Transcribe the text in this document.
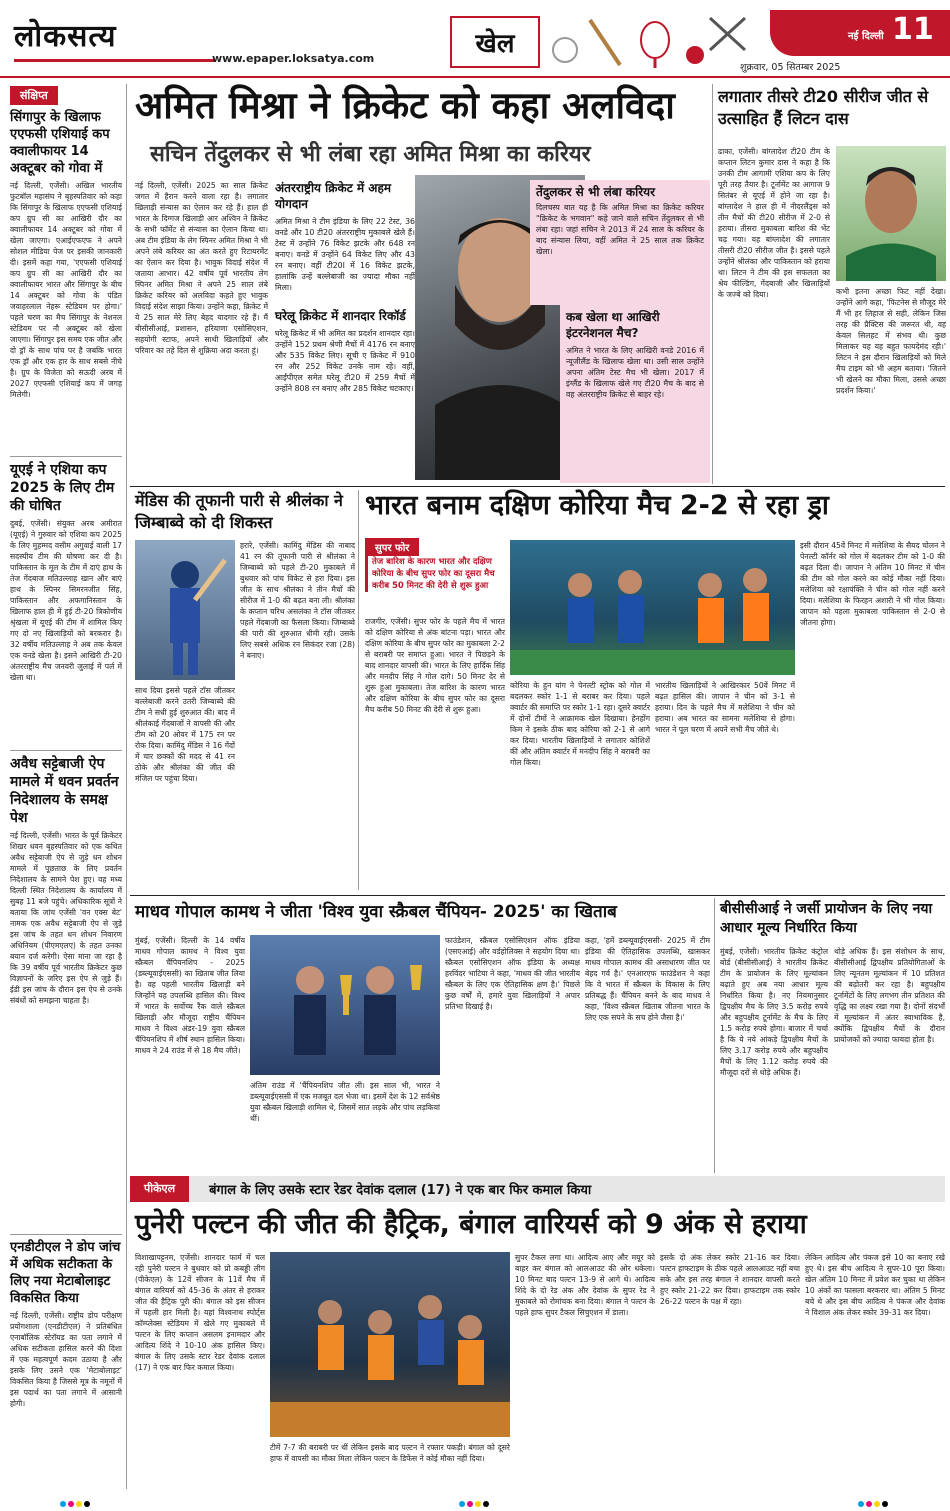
लोकसत्य
www.epaper.loksatya.com	खेल	नई दिल्ली 11
शुक्रवार, 05 सितम्बर 2025
संक्षिप्त
सिंगापुर के खिलाफ एएफसी एशियाई कप क्वालीफायर 14 अक्टूबर को गोवा में
नई दिल्ली, एजेंसी। अखिल भारतीय फुटबॉल महासंघ ने बृहस्पतिवार को कहा कि सिंगापुर के खिलाफ एएफसी एशियाई कप ग्रुप सी का आखिरी दौर का क्वालीफायर 14 अक्टूबर को गोवा में खेला जाएगा। एआईएफएफ ने अपने सोशल मीडिया पेज पर इसकी जानकारी दी। इसमें कहा गया, 'एएफसी एशियाई कप ग्रुप सी का आखिरी दौर का क्वालीफायर भारत और सिंगापुर के बीच 14 अक्टूबर को गोवा के पंडित जवाहरलाल नेहरू स्टेडियम पर होगा।' पहले चरण का मैच सिंगापुर के नेशनल स्टेडियम पर नौ अक्टूबर को खेला जाएगा। सिंगापुर इस समय एक जीत और दो ड्रॉ के साथ पांच पर है जबकि भारत एक ड्रॉ और एक हार के साथ सबसे नीचे है। ग्रुप के विजेता को सऊदी अरब में 2027 एएफसी एशियाई कप में जगह मिलेगी।
यूएई ने एशिया कप 2025 के लिए टीम की घोषित
दुबई, एजेंसी। संयुक्त अरब अमीरात (यूएई) ने गुरुवार को एशिया कप 2025 के लिए मुहम्मद वसीम अगुवाई वाली 17 सदस्यीय टीम की घोषणा कर दी है। पाकिस्तान के मूल के टीम में दाएं हाथ के तेज गेंदबाज मतिउल्लाह खान और बाएं हाथ के स्पिनर सिमरनजीत सिंह, पाकिस्तान और अफगानिस्तान के खिलाफ हाल ही में हुई टी-20 त्रिकोणीय श्रृंखला में यूएई की टीम में शामिल किए गए दो नए खिलाड़ियों को बरकरार है। 32 वर्षीय मतिउल्लाह ने अब तक केवल एक वनडे खेला है। इसने आखिरी टी-20 अंतरराष्ट्रीय मैच जनवरी जुलाई में पर्ल में खेला था।
अवैध सट्टेबाजी ऐप मामले में धवन प्रवर्तन निदेशालय के समक्ष पेश
नई दिल्ली, एजेंसी। भारत के पूर्व क्रिकेटर शिखर धवन बृहस्पतिवार को एक कथित अवैध सट्टेबाजी ऐप से जुड़े धन शोधन मामले में पूछताछ के लिए प्रवर्तन निदेशालय के सामने पेश हुए। वह मध्य दिल्ली स्थित निदेशालय के कार्यालय में सुबह 11 बजे पहुंचे। अधिकारिक सूत्रों ने बताया कि जांच एजेंसी 'वन एक्स बेट' नामक एक अवैध सट्टेबाजी ऐप से जुड़े इस जांच के तहत धन शोधन निवारण अधिनियम (पीएमएलए) के तहत उनका बयान दर्ज करेगी। ऐसा माना जा रहा है कि 39 वर्षीय पूर्व भारतीय क्रिकेटर कुछ विज्ञापनों के जरिए इस ऐप से जुड़े हैं। ईडी इस जांच के दौरान इस ऐप से उनके संबंधों को समझना चाहता है।
एनडीटीएल ने डोप जांच में अधिक सटीकता के लिए नया मेटाबोलाइट विकसित किया
नई दिल्ली, एजेंसी। राष्ट्रीय डोप परीक्षण प्रयोगशाला (एनडीटीएल) ने प्रतिबंधित एनाबॉलिक स्टेरॉयड का पता लगाने में अधिक सटीकता हासिल करने की दिशा में एक महत्वपूर्ण कदम उठाया है और इसके लिए उसने एक 'मेटाबोलाइट' विकसित किया है जिससे मूत्र के नमूनों में इस पदार्थ का पता लगाने में आसानी होगी।
अमित मिश्रा ने क्रिकेट को कहा अलविदा
सचिन तेंदुलकर से भी लंबा रहा अमित मिश्रा का करियर
नई दिल्ली, एजेंसी। 2025 का साल क्रिकेट जगत में हैरान करने वाला रहा है। लगातार खिलाड़ी संन्यास का ऐलान कर रहे हैं। हाल ही भारत के दिग्गज खिलाड़ी आर अश्विन ने क्रिकेट के सभी फॉर्मेट से संन्यास का ऐलान किया था। अब टीम इंडिया के लेग स्पिनर अमित मिश्रा ने भी अपने लंबे करियर का अंत करते हुए रिटायरमेंट का ऐलान कर दिया है। भावुक विदाई संदेश में जताया आभार। 42 वर्षीय पूर्व भारतीय लेग स्पिनर अमित मिश्रा ने अपने 25 साल लंबे क्रिकेट करियर को अलविदा कहते हुए भावुक विदाई संदेश साझा किया। उन्होंने कहा, क्रिकेट में ये 25 साल मेरे लिए बेहद यादगार रहे हैं। मैं बीसीसीआई, प्रशासन, हरियाणा एसोसिएशन, सहयोगी स्टाफ, अपने साथी खिलाड़ियों और परिवार का तहे दिल से शुक्रिया अदा करता हूं।
अंतरराष्ट्रीय क्रिकेट में अहम योगदान
अमित मिश्रा ने टीम इंडिया के लिए 22 टेस्ट, 36 वनडे और 10 टी20 अंतरराष्ट्रीय मुकाबले खेले हैं। टेस्ट में उन्होंने 76 विकेट झटके और 648 रन बनाए। वनडे में उन्होंने 64 विकेट लिए और 43 रन बनाए। वहीं टी20I में 16 विकेट झटके, हालांकि उन्हें बल्लेबाजी का ज्यादा मौका नहीं मिला।
घरेलू क्रिकेट में शानदार रिकॉर्ड
घरेलू क्रिकेट में भी अमित का प्रदर्शन शानदार रहा। उन्होंने 152 प्रथम श्रेणी मैचों में 4176 रन बनाए और 535 विकेट लिए। सूची ए क्रिकेट में 910 रन और 252 विकेट उनके नाम रहे। वहीं, आईपीएल समेत घरेलू टी20 में 259 मैचों में उन्होंने 808 रन बनाए और 285 विकेट चटकाए।
तेंदुलकर से भी लंबा करियर
दिलचस्प बात यह है कि अमित मिश्रा का क्रिकेट करियर "क्रिकेट के भगवान" कहे जाने वाले सचिन तेंदुलकर से भी लंबा रहा। जहां सचिन ने 2013 में 24 साल के करियर के बाद संन्यास लिया, वहीं अमित ने 25 साल तक क्रिकेट खेला।
कब खेला था आखिरी इंटरनेशनल मैच?
अमित ने भारत के लिए आखिरी वनडे 2016 में न्यूजीलैंड के खिलाफ खेला था। उसी साल उन्होंने अपना अंतिम टेस्ट मैच भी खेला। 2017 में इंग्लैंड के खिलाफ खेले गए टी20 मैच के बाद से वह अंतरराष्ट्रीय क्रिकेट से बाहर रहे।
लगातार तीसरे टी20 सीरीज जीत से उत्साहित हैं लिटन दास
ढाका, एजेंसी। बांग्लादेश टी20 टीम के कप्तान लिटन कुमार दास ने कहा है कि उनकी टीम आगामी एशिया कप के लिए पूरी तरह तैयार है। टूर्नामेंट का आगाज 9 सितंबर से यूएई में होने जा रहा है। बांग्लादेश ने हाल ही में नीदरलैंड्स को तीन मैचों की टी20 सीरीज में 2-0 से हराया। तीसरा मुकाबला बारिश की भेंट चढ़ गया। यह बांग्लादेश की लगातार तीसरी टी20 सीरीज जीत है। इससे पहले उन्होंने श्रीलंका और पाकिस्तान को हराया था। लिटन ने टीम की इस सफलता का श्रेय फील्डिंग, गेंदबाजी और खिलाड़ियों के जज्बे को दिया।	कभी इतना अच्छा फिट नहीं देखा। उन्होंने आगे कहा, 'फिटनेस से मौजूद मेरे मैं भी हर लिहाज से सही, लेकिन जिस तरह की प्रैक्टिस की जरूरत थी, वह केवल सिलहट में संभव थी। कुछ मिलाकर यह यह बहुत फायदेमंद रही।' लिटन ने इस दौरान खिलाड़ियों को मिले मैच टाइम को भी अहम बताया। 'जितने भी खेलने का मौका मिला, उससे अच्छा प्रदर्शन किया।'
मेंडिस की तूफानी पारी से श्रीलंका ने जिम्बाब्वे को दी शिकस्त
हरारे, एजेंसी। कामिंदु मेंडिस की नाबाद 41 रन की तूफानी पारी से श्रीलंका ने जिम्बाब्वे को पहले टी-20 मुकाबले में बुधवार को पांच विकेट से हरा दिया। इस जीत के साथ श्रीलंका ने तीन मैचों की सीरीज में 1-0 की बढ़त बना ली। श्रीलंका के कप्तान चरिथ असलंका ने टॉस जीतकर पहले गेंदबाजी का फैसला किया। जिम्बाब्वे की पारी की शुरुआत धीमी रही। उसके लिए सबसे अधिक रन सिकंदर रजा (28) ने बनाए।
साथ दिया इससे पहले टॉस जीतकर बल्लेबाजी करने उतरी जिम्बाब्वे की टीम ने सधी हुई शुरुआत की। बाद में श्रीलंकाई गेंदबाजों ने वापसी की और टीम को 20 ओवर में 175 रन पर रोक दिया। कामिंदु मेंडिस ने 16 गेंदों में चार छक्कों की मदद से 41 रन ठोके और श्रीलंका की जीत की मंजिल पर पहुंचा दिया।
भारत बनाम दक्षिण कोरिया मैच 2-2 से रहा ड्रा
सुपर फोर
तेज बारिश के कारण भारत और दक्षिण कोरिया के बीच सुपर फोर का दूसरा मैच करीब 50 मिनट की देरी से शुरू हुआ
राजगीर, एजेंसी। सुपर फोर के पहले मैच में भारत को दक्षिण कोरिया से अंक बांटना पड़ा। भारत और दक्षिण कोरिया के बीच सुपर फोर का मुकाबला 2-2 से बराबरी पर समाप्त हुआ। भारत ने पिछड़ने के बाद शानदार वापसी की। भारत के लिए हार्दिक सिंह और मनदीप सिंह ने गोल दागे। 50 मिनट देर से शुरू हुआ मुकाबला। तेज बारिश के कारण भारत और दक्षिण कोरिया के बीच सुपर फोर का दूसरा मैच करीब 50 मिनट की देरी से शुरू हुआ।
कोरिया के हुन यांग ने पेनल्टी स्ट्रोक को गोल में बदलकर स्कोर 1-1 से बराबर कर दिया। पहले क्वार्टर की समाप्ति पर स्कोर 1-1 रहा। दूसरे क्वार्टर में दोनों टीमों ने आक्रामक खेल दिखाया। हेनहोंग किम ने इसके ठीक बाद कोरिया को 2-1 से आगे कर दिया। भारतीय खिलाड़ियों ने लगातार कोशिशें कीं और अंतिम क्वार्टर में मनदीप सिंह ने बराबरी का गोल किया।
भारतीय खिलाड़ियों ने आखिरकार 50वें मिनट में बढ़त हासिल की। जापान ने चीन को 3-1 से हराया। दिन के पहले मैच में मलेशिया ने चीन को हराया। अब भारत का सामना मलेशिया से होगा। भारत ने पूल चरण में अपने सभी मैच जीते थे।
इसी दौरान 45वें मिनट में मलेशिया के सैयद चोलन ने पेनल्टी कॉर्नर को गोल में बदलकर टीम को 1-0 की बढ़त दिला दी। जापान ने अंतिम 10 मिनट में चीन की टीम को गोल करने का कोई मौका नहीं दिया। मलेशिया को रक्षापंक्ति ने चीन को गोल नहीं करने दिया। मलेशिया के फिरहन अशारी ने भी गोल किया। जापान को पहला मुकाबला पाकिस्तान से 2-0 से जीतना होगा।
माधव गोपाल कामथ ने जीता 'विश्व युवा स्क्रैबल चैंपियन- 2025' का खिताब
मुंबई, एजेंसी। दिल्ली के 14 वर्षीय माधव गोपाल कामथ ने विश्व युवा स्क्रैबल चैंपियनशिप - 2025 (डब्ल्यूवाईएससी) का खिताब जीत लिया है। वह पहली भारतीय खिलाड़ी बने जिन्होंने यह उपलब्धि हासिल की। विश्व में भारत के सर्वोच्च रैंक वाले स्क्रैबल खिलाड़ी और मौजूदा राष्ट्रीय चैंपियन माधव ने विश्व अंडर-19 युवा स्क्रैबल चैंपियनशिप में शीर्ष स्थान हासिल किया। माधव ने 24 राउंड में से 18 मैच जीते।
अंतिम राउंड में 'चैंपियनशिप जीत ली। इस साल भी, भारत ने डब्ल्यूवाईएससी में एक मजबूत दल भेजा था। इसमें देश के 12 सर्वश्रेष्ठ युवा स्क्रैबल खिलाड़ी शामिल थे, जिसमें सात लड़के और पांच लड़कियां थीं।
फाउंडेशन, स्क्रैबल एसोसिएशन ऑफ इंडिया (एसएआई) और वर्डहोलिक्स ने सहयोग दिया था। स्क्रैबल एसोसिएशन ऑफ इंडिया के अध्यक्ष हरविंदर भाटिया ने कहा, 'माधव की जीत भारतीय स्क्रैबल के लिए एक ऐतिहासिक क्षण है।' पिछले कुछ वर्षों में, हमारे युवा खिलाड़ियों ने अपार प्रतिभा दिखाई है।
कहा, 'हमें डब्ल्यूवाईएससी- 2025 में टीम इंडिया की ऐतिहासिक उपलब्धि, खासकर माधव गोपाल कामथ की असाधारण जीत पर बेहद गर्व है।' एनआरएफ फाउंडेशन ने कहा कि वे भारत में स्क्रैबल के विकास के लिए प्रतिबद्ध हैं। चैंपियन बनने के बाद माधव ने कहा, 'विश्व स्क्रैबल खिताब जीतना भारत के लिए एक सपने के सच होने जैसा है।'
बीसीसीआई ने जर्सी प्रायोजन के लिए नया आधार मूल्य निर्धारित किया
मुंबई, एजेंसी। भारतीय क्रिकेट कंट्रोल बोर्ड (बीसीसीआई) ने भारतीय क्रिकेट टीम के प्रायोजन के लिए मूल्यांकन बढ़ाते हुए अब नया आधार मूल्य निर्धारित किया है। नए नियमानुसार द्विपक्षीय मैच के लिए 3.5 करोड़ रुपये और बहुपक्षीय टूर्नामेंट के मैच के लिए 1.5 करोड़ रुपये होगा। बाजार में चर्चा है कि ये नये आंकड़े द्विपक्षीय मैचों के लिए 3.17 करोड़ रुपये और बहुपक्षीय मैचों के लिए 1.12 करोड़ रुपये की मौजूदा दरों से थोड़े अधिक हैं।
थोड़े अधिक हैं। इस संशोधन के साथ, बीसीसीआई द्विपक्षीय प्रतियोगिताओं के लिए न्यूनतम मूल्यांकन में 10 प्रतिशत की बढ़ोतरी कर रहा है। बहुपक्षीय टूर्नामेंटों के लिए लगभग तीन प्रतिशत की वृद्धि का लक्ष्य रखा गया है। दोनों संदर्भों में मूल्यांकन में अंतर स्वाभाविक है, क्योंकि द्विपक्षीय मैचों के दौरान प्रायोजकों को ज्यादा फायदा होता है।
पीकेएल	बंगाल के लिए उसके स्टार रेडर देवांक दलाल (17) ने एक बार फिर कमाल किया
पुनेरी पल्टन की जीत की हैट्रिक, बंगाल वारियर्स को 9 अंक से हराया
विशाखापट्टनम, एजेंसी। शानदार फार्म में चल रही पुनेरी पल्टन ने बुधवार को प्रो कबड्डी लीग (पीकेएल) के 12वें सीजन के 11वें मैच में बंगाल वारियर्स को 45-36 के अंतर से हराकर जीत की हैट्रिक पूरी की। बंगाल को इस सीजन में पहली हार मिली है। यहां विश्वनाथ स्पोर्ट्स कॉम्प्लेक्स स्टेडियम में खेले गए मुकाबले में पल्टन के लिए कप्तान असलम इनामदार और आदित्य शिंदे ने 10-10 अंक हासिल किए। बंगाल के लिए उसके स्टार रेडर देवांक दलाल (17) ने एक बार फिर कमाल किया।
टीमें 7-7 की बराबरी पर थीं लेकिन इसके बाद पल्टन ने रफ्तार पकड़ी। बंगाल को दूसरे हाफ में वापसी का मौका मिला लेकिन पल्टन के डिफेंस ने कोई मौका नहीं दिया।
सुपर टैकल लगा था। आदित्य आए और मयूर को बाहर कर बंगाल को आलआउट की ओर धकेला। 10 मिनट बाद पल्टन 13-9 से आगे थे। आदित्य शिंदे के दो रेड अंक और देवांक के सुपर रेड ने मुकाबले को रोमांचक बना दिया। बंगाल ने पल्टन के पहले हाफ सुपर टैकल सिचुएशन में डाला।
इसके दो अंक लेकर स्कोर 21-16 कर दिया। पल्टन हाफटाइम के ठीक पहले आलआउट नहीं बचा सके और इस तरह बंगाल ने शानदार वापसी करते हुए स्कोर 21-22 कर दिया। हाफटाइम तक स्कोर 26-22 पल्टन के पक्ष में रहा।
लेकिन आदित्य और पंकज इसे 10 का बनाए रखे हुए थे। इस बीच आदित्य ने सुपर-10 पूरा किया। खेल अंतिम 10 मिनट में प्रवेश कर चुका था लेकिन 10 अंकों का फासला बरकरार था। अंतिम 5 मिनट बचे थे और इस बीच आदित्य ने पंकज और देवांक ने विशाल अंक लेकर स्कोर 39-31 कर दिया।
